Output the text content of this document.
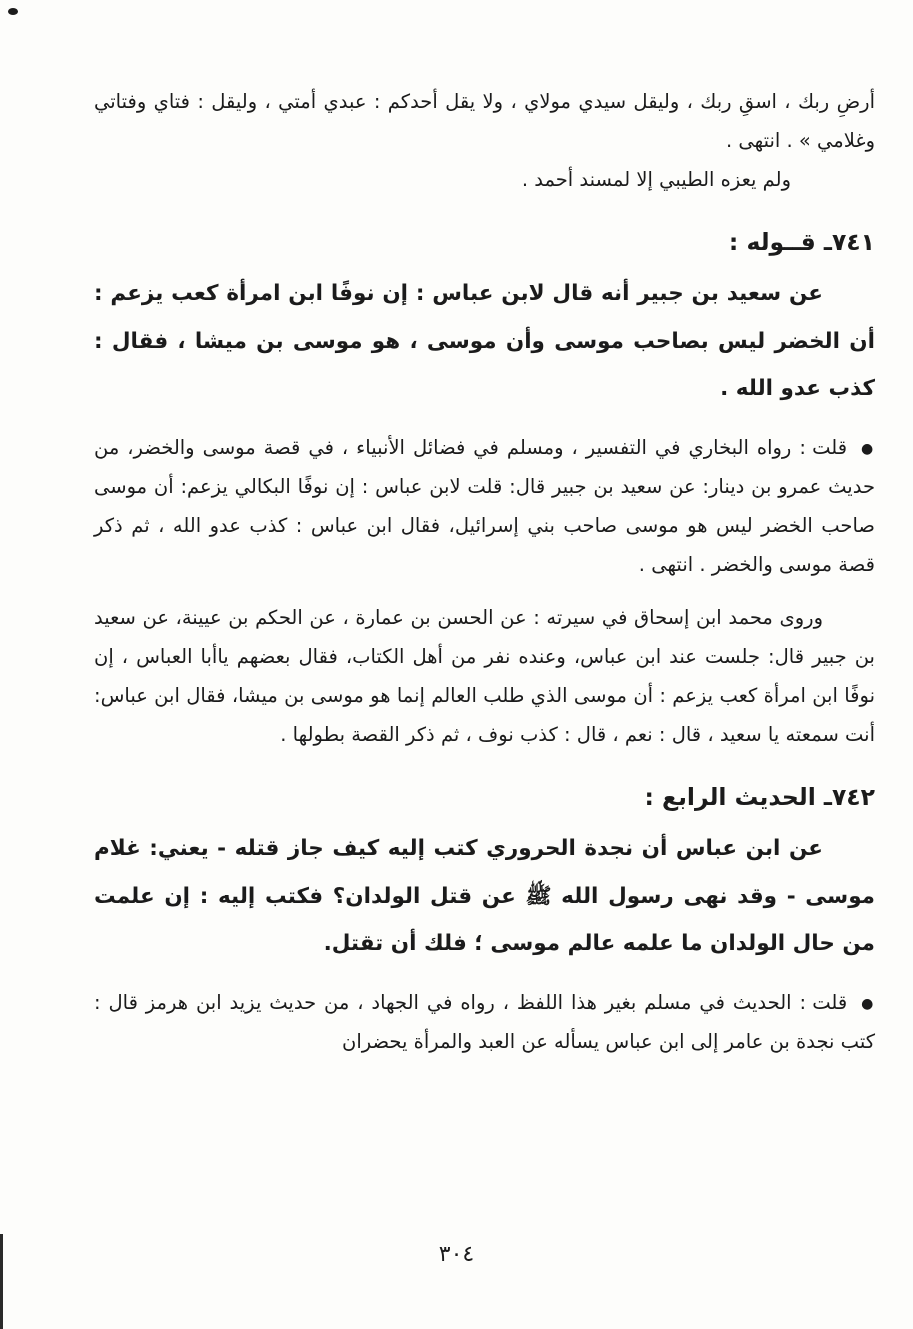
أرضِ ربك ، اسقِ ربك ، وليقل سيدي مولاي ، ولا يقل أحدكم : عبدي أمتي ، وليقل : فتاي وفتاتي وغلامي » . انتهى .

ولم يعزه الطيبي إلا لمسند أحمد .

٧٤١ـ قــوله :

عن سعيد بن جبير أنه قال لابن عباس : إن نوفًا ابن امرأة كعب يزعم : أن الخضر ليس بصاحب موسى وأن موسى ، هو موسى بن ميشا ، فقال : كذب عدو الله .

● قلت : رواه البخاري في التفسير ، ومسلم في فضائل الأنبياء ، في قصة موسى والخضر، من حديث عمرو بن دينار: عن سعيد بن جبير قال: قلت لابن عباس : إن نوفًا البكالي يزعم: أن موسى صاحب الخضر ليس هو موسى صاحب بني إسرائيل، فقال ابن عباس : كذب عدو الله ، ثم ذكر قصة موسى والخضر . انتهى .

وروى محمد ابن إسحاق في سيرته : عن الحسن بن عمارة ، عن الحكم بن عيينة، عن سعيد بن جبير قال: جلست عند ابن عباس، وعنده نفر من أهل الكتاب، فقال بعضهم ياأبا العباس ، إن نوفًا ابن امرأة كعب يزعم : أن موسى الذي طلب العالم إنما هو موسى بن ميشا، فقال ابن عباس: أنت سمعته يا سعيد ، قال : نعم ، قال : كذب نوف ، ثم ذكر القصة بطولها .

٧٤٢ـ الحديث الرابع :

عن ابن عباس أن نجدة الحروري كتب إليه كيف جاز قتله - يعني: غلام موسى - وقد نهى رسول الله ﷺ عن قتل الولدان؟ فكتب إليه : إن علمت من حال الولدان ما علمه عالم موسى ؛ فلك أن تقتل.

● قلت : الحديث في مسلم بغير هذا اللفظ ، رواه في الجهاد ، من حديث يزيد ابن هرمز قال : كتب نجدة بن عامر إلى ابن عباس يسأله عن العبد والمرأة يحضران

٣٠٤
